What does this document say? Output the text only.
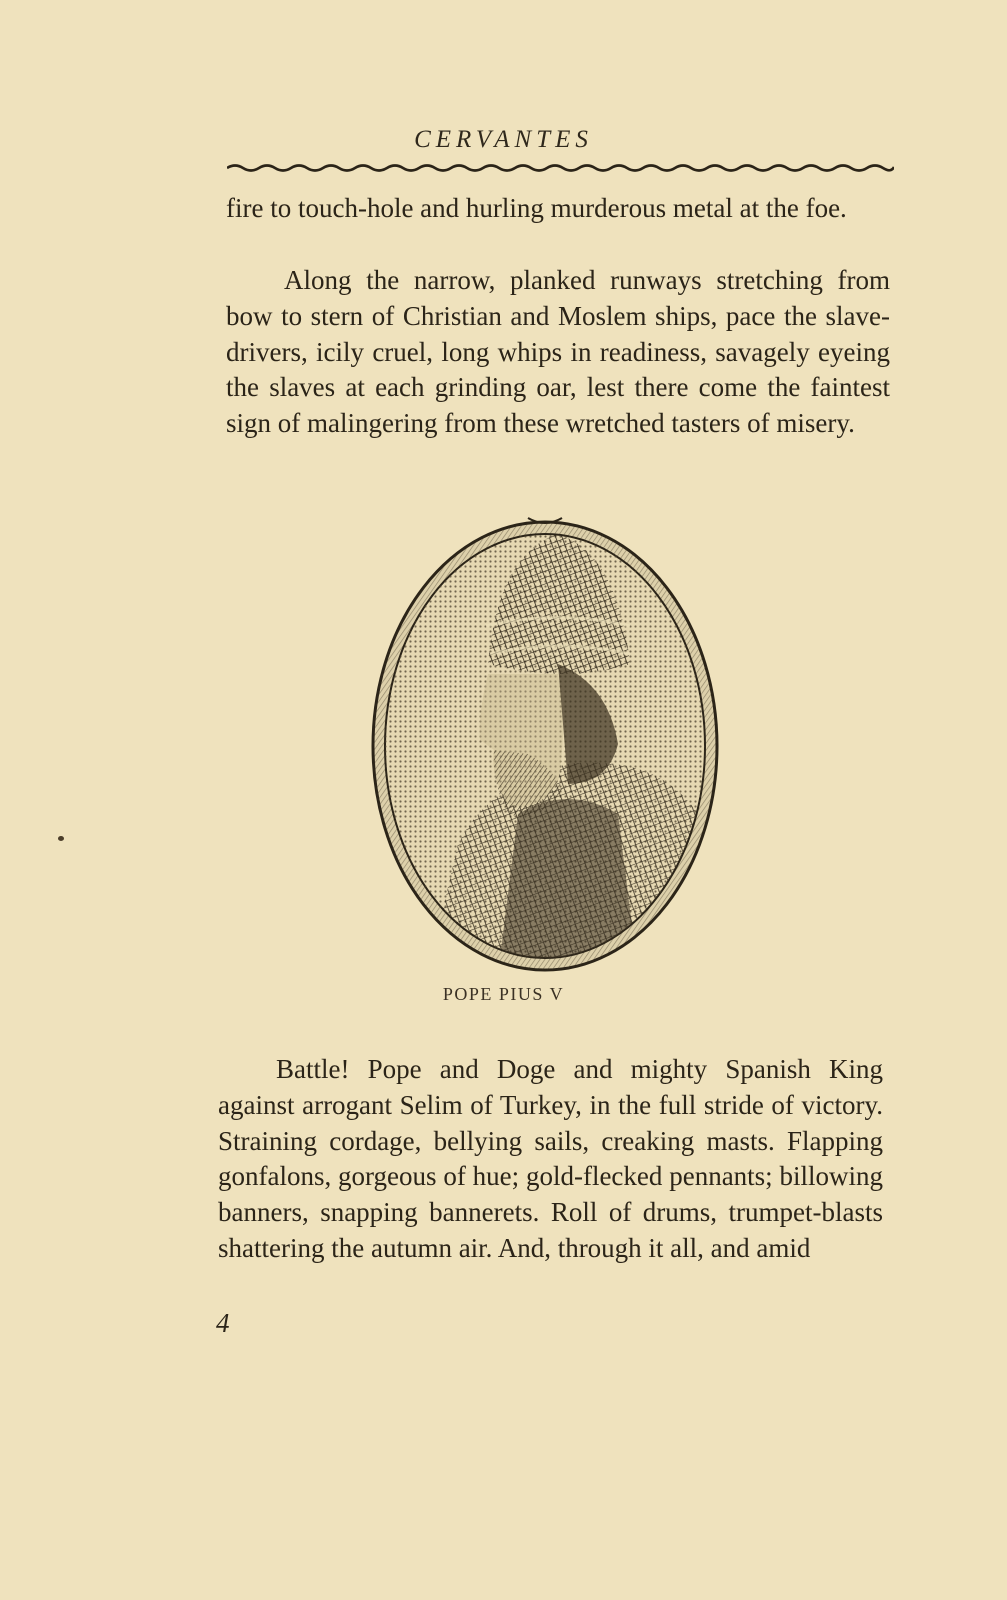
CERVANTES

fire to touch-hole and hurling murderous metal at the foe.

Along the narrow, planked runways stretching from bow to stern of Christian and Moslem ships, pace the slave-drivers, icily cruel, long whips in readiness, savagely eyeing the slaves at each grinding oar, lest there come the faintest sign of malingering from these wretched tasters of misery.

POPE PIUS V

Battle! Pope and Doge and mighty Spanish King against arrogant Selim of Turkey, in the full stride of victory. Straining cordage, bellying sails, creaking masts. Flapping gonfalons, gorgeous of hue; gold-flecked pennants; billowing banners, snapping bannerets. Roll of drums, trumpet-blasts shattering the autumn air. And, through it all, and amid

4
